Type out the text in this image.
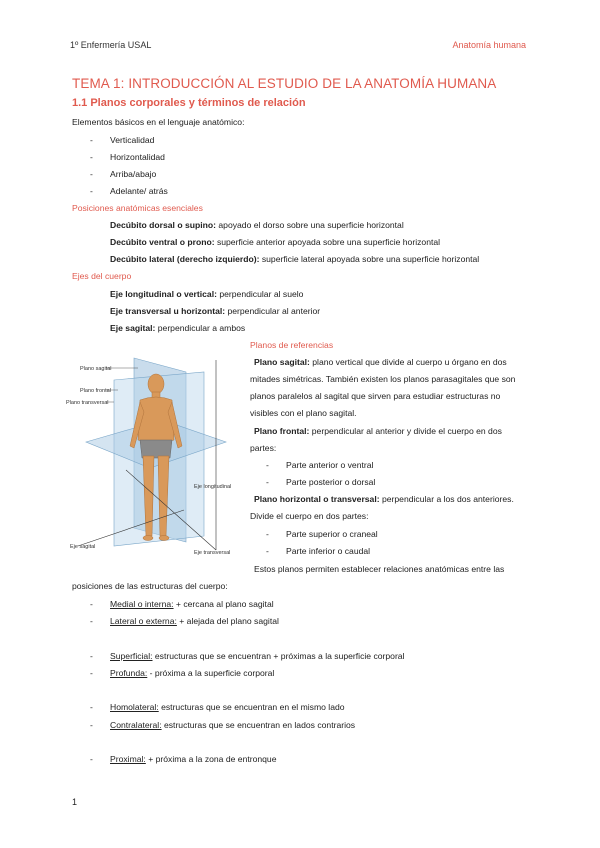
1º Enfermería USAL	Anatomía humana
TEMA 1: INTRODUCCIÓN AL ESTUDIO DE LA ANATOMÍA HUMANA
1.1 Planos corporales y términos de relación
Elementos básicos en el lenguaje anatómico:
- Verticalidad
- Horizontalidad
- Arriba/abajo
- Adelante/ atrás
Posiciones anatómicas esenciales
Decúbito dorsal o supino: apoyado el dorso sobre una superficie horizontal
Decúbito ventral o prono: superficie anterior apoyada sobre una superficie horizontal
Decúbito lateral (derecho izquierdo): superficie lateral apoyada sobre una superficie horizontal
Ejes del cuerpo
Eje longitudinal o vertical: perpendicular al suelo
Eje transversal u horizontal: perpendicular al anterior
Eje sagital: perpendicular a ambos
Plano sagital
Plano frontal
Plano transversal
Eje longitudinal
Eje sagital
Eje transversal
Planos de referencias
Plano sagital: plano vertical que divide al cuerpo u órgano en dos
mitades simétricas. También existen los planos parasagitales que son
planos paralelos al sagital que sirven para estudiar estructuras no
visibles con el plano sagital.
Plano frontal: perpendicular al anterior y divide el cuerpo en dos
partes:
- Parte anterior o ventral
- Parte posterior o dorsal
Plano horizontal o transversal: perpendicular a los dos anteriores.
Divide el cuerpo en dos partes:
- Parte superior o craneal
- Parte inferior o caudal
Estos planos permiten establecer relaciones anatómicas entre las
posiciones de las estructuras del cuerpo:
- Medial o interna: + cercana al plano sagital
- Lateral o externa: + alejada del plano sagital
- Superficial: estructuras que se encuentran + próximas a la superficie corporal
- Profunda: - próxima a la superficie corporal
- Homolateral: estructuras que se encuentran en el mismo lado
- Contralateral: estructuras que se encuentran en lados contrarios
- Proximal: + próxima a la zona de entronque
1
